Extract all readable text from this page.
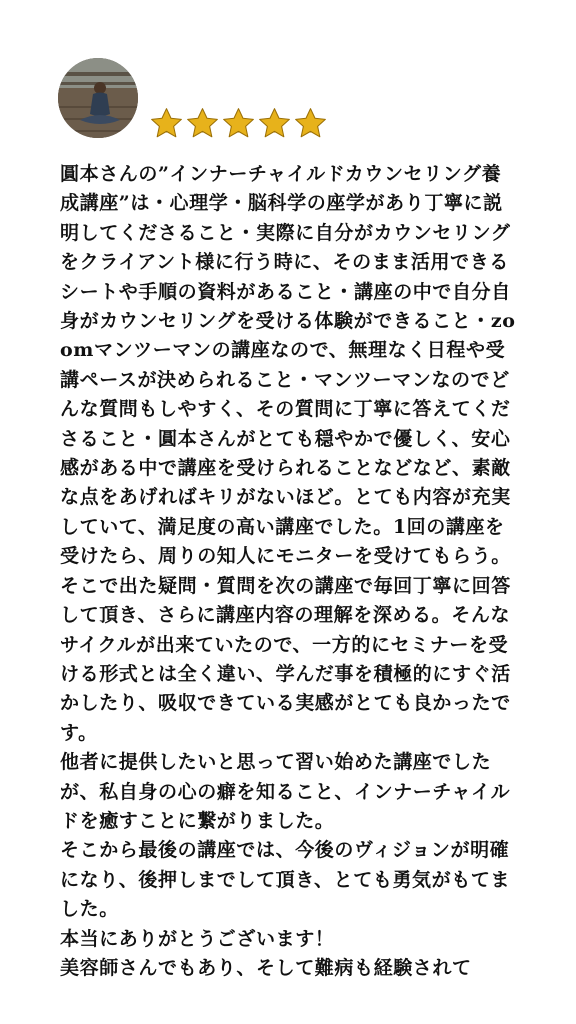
圓本さんの”インナーチャイルドカウンセリング養成講座”は・心理学・脳科学の座学があり丁寧に説明してくださること・実際に自分がカウンセリングをクライアント様に行う時に、そのまま活用できるシートや手順の資料があること・講座の中で自分自身がカウンセリングを受ける体験ができること・zoomマンツーマンの講座なので、無理なく日程や受講ペースが決められること・マンツーマンなのでどんな質問もしやすく、その質問に丁寧に答えてくださること・圓本さんがとても穏やかで優しく、安心感がある中で講座を受けられることなどなど、素敵な点をあげればキリがないほど。とても内容が充実していて、満足度の高い講座でした。1回の講座を受けたら、周りの知人にモニターを受けてもらう。そこで出た疑問・質問を次の講座で毎回丁寧に回答して頂き、さらに講座内容の理解を深める。そんなサイクルが出来ていたので、一方的にセミナーを受ける形式とは全く違い、学んだ事を積極的にすぐ活かしたり、吸収できている実感がとても良かったです。
他者に提供したいと思って習い始めた講座でしたが、私自身の心の癖を知ること、インナーチャイルドを癒すことに繋がりました。
そこから最後の講座では、今後のヴィジョンが明確になり、後押しまでして頂き、とても勇気がもてました。
本当にありがとうございます！
美容師さんでもあり、そして難病も経験されて
